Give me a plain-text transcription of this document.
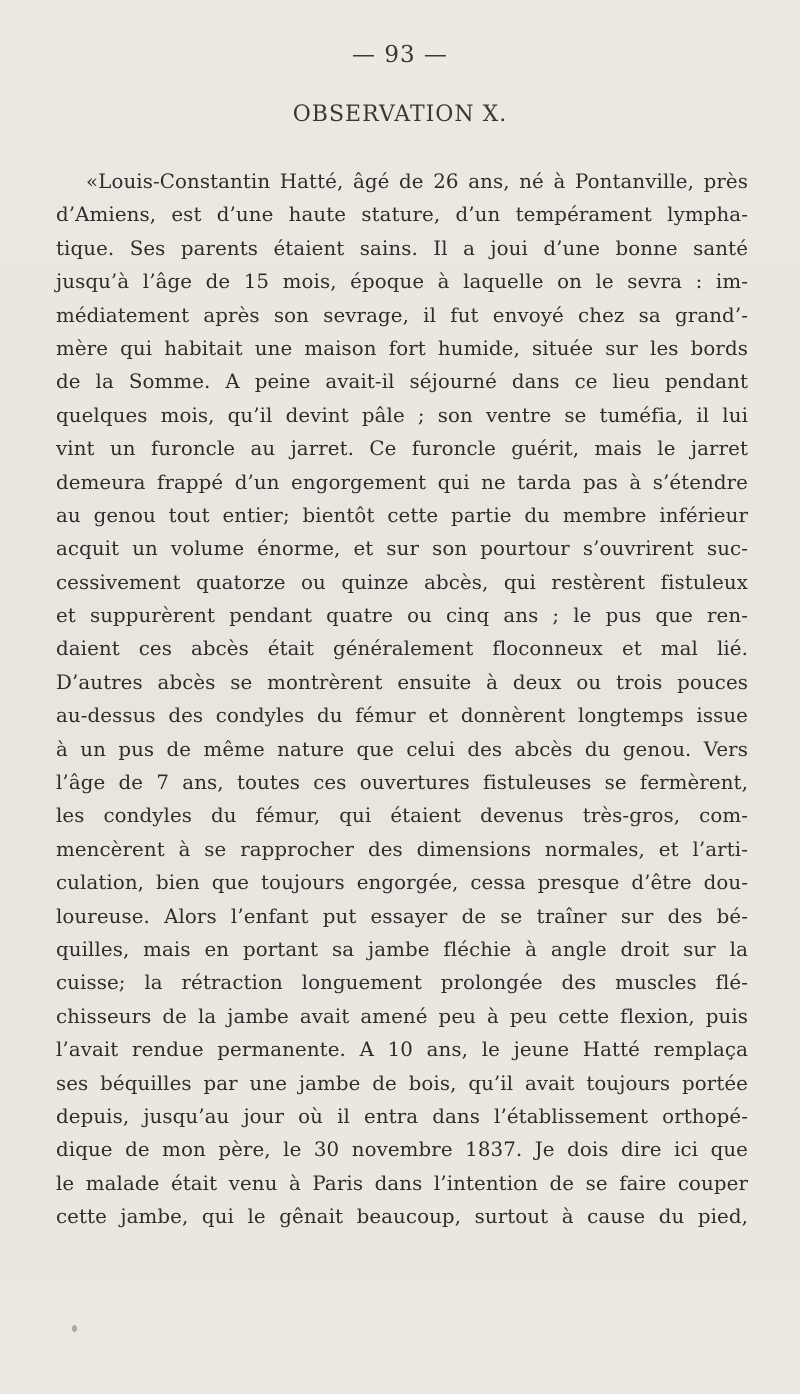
— 93 —
OBSERVATION X.
«Louis-Constantin Hatté, âgé de 26 ans, né à Pontanville, près
d’Amiens, est d’une haute stature, d’un tempérament lympha-
tique. Ses parents étaient sains. Il a joui d’une bonne santé
jusqu’à l’âge de 15 mois, époque à laquelle on le sevra : im-
médiatement après son sevrage, il fut envoyé chez sa grand’-
mère qui habitait une maison fort humide, située sur les bords
de la Somme. A peine avait-il séjourné dans ce lieu pendant
quelques mois, qu’il devint pâle ; son ventre se tuméfia, il lui
vint un furoncle au jarret. Ce furoncle guérit, mais le jarret
demeura frappé d’un engorgement qui ne tarda pas à s’étendre
au genou tout entier; bientôt cette partie du membre inférieur
acquit un volume énorme, et sur son pourtour s’ouvrirent suc-
cessivement quatorze ou quinze abcès, qui restèrent fistuleux
et suppurèrent pendant quatre ou cinq ans ; le pus que ren-
daient ces abcès était généralement floconneux et mal lié.
D’autres abcès se montrèrent ensuite à deux ou trois pouces
au-dessus des condyles du fémur et donnèrent longtemps issue
à un pus de même nature que celui des abcès du genou. Vers
l’âge de 7 ans, toutes ces ouvertures fistuleuses se fermèrent,
les condyles du fémur, qui étaient devenus très-gros, com-
mencèrent à se rapprocher des dimensions normales, et l’arti-
culation, bien que toujours engorgée, cessa presque d’être dou-
loureuse. Alors l’enfant put essayer de se traîner sur des bé-
quilles, mais en portant sa jambe fléchie à angle droit sur la
cuisse; la rétraction longuement prolongée des muscles flé-
chisseurs de la jambe avait amené peu à peu cette flexion, puis
l’avait rendue permanente. A 10 ans, le jeune Hatté remplaça
ses béquilles par une jambe de bois, qu’il avait toujours portée
depuis, jusqu’au jour où il entra dans l’établissement orthopé-
dique de mon père, le 30 novembre 1837. Je dois dire ici que
le malade était venu à Paris dans l’intention de se faire couper
cette jambe, qui le gênait beaucoup, surtout à cause du pied,
